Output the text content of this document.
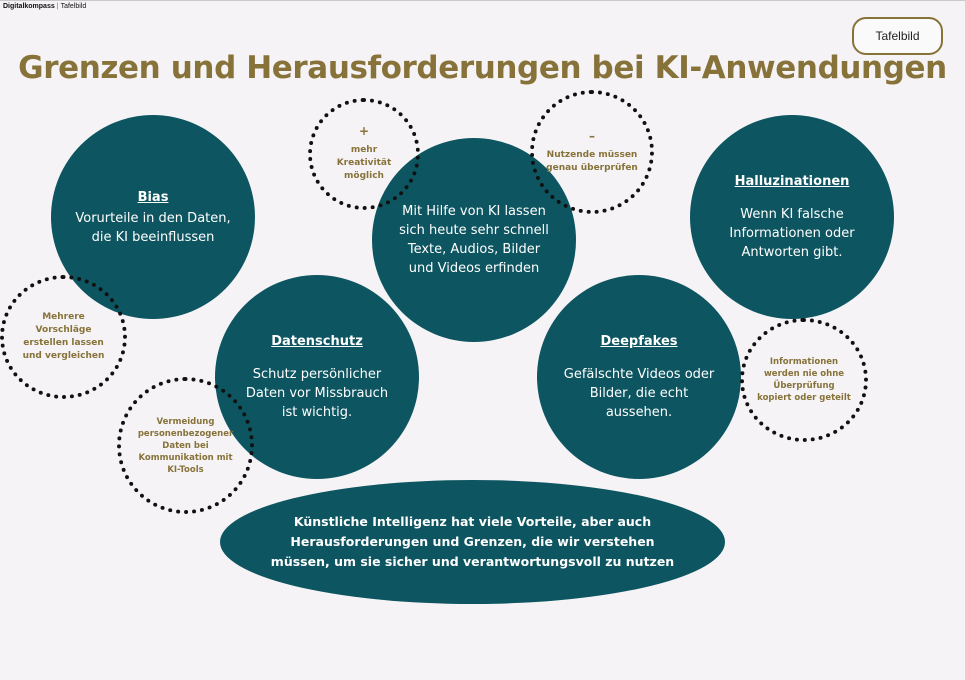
Digitalkompass | Tafelbild
Tafelbild
Grenzen und Herausforderungen bei KI-Anwendungen
Bias
Vorurteile in den Daten, die KI beeinflussen
Mit Hilfe von KI lassen sich heute sehr schnell Texte, Audios, Bilder und Videos erfinden
Halluzinationen
Wenn KI falsche Informationen oder Antworten gibt.
Datenschutz
Schutz persönlicher Daten vor Missbrauch ist wichtig.
Deepfakes
Gefälschte Videos oder Bilder, die echt aussehen.
+
mehr Kreativität möglich
–
Nutzende müssen genau überprüfen
Mehrere Vorschläge erstellen lassen und vergleichen
Vermeidung personenbezogener Daten bei Kommunikation mit KI-Tools
Informationen werden nie ohne Überprüfung kopiert oder geteilt
Künstliche Intelligenz hat viele Vorteile, aber auch Herausforderungen und Grenzen, die wir verstehen müssen, um sie sicher und verantwortungsvoll zu nutzen
